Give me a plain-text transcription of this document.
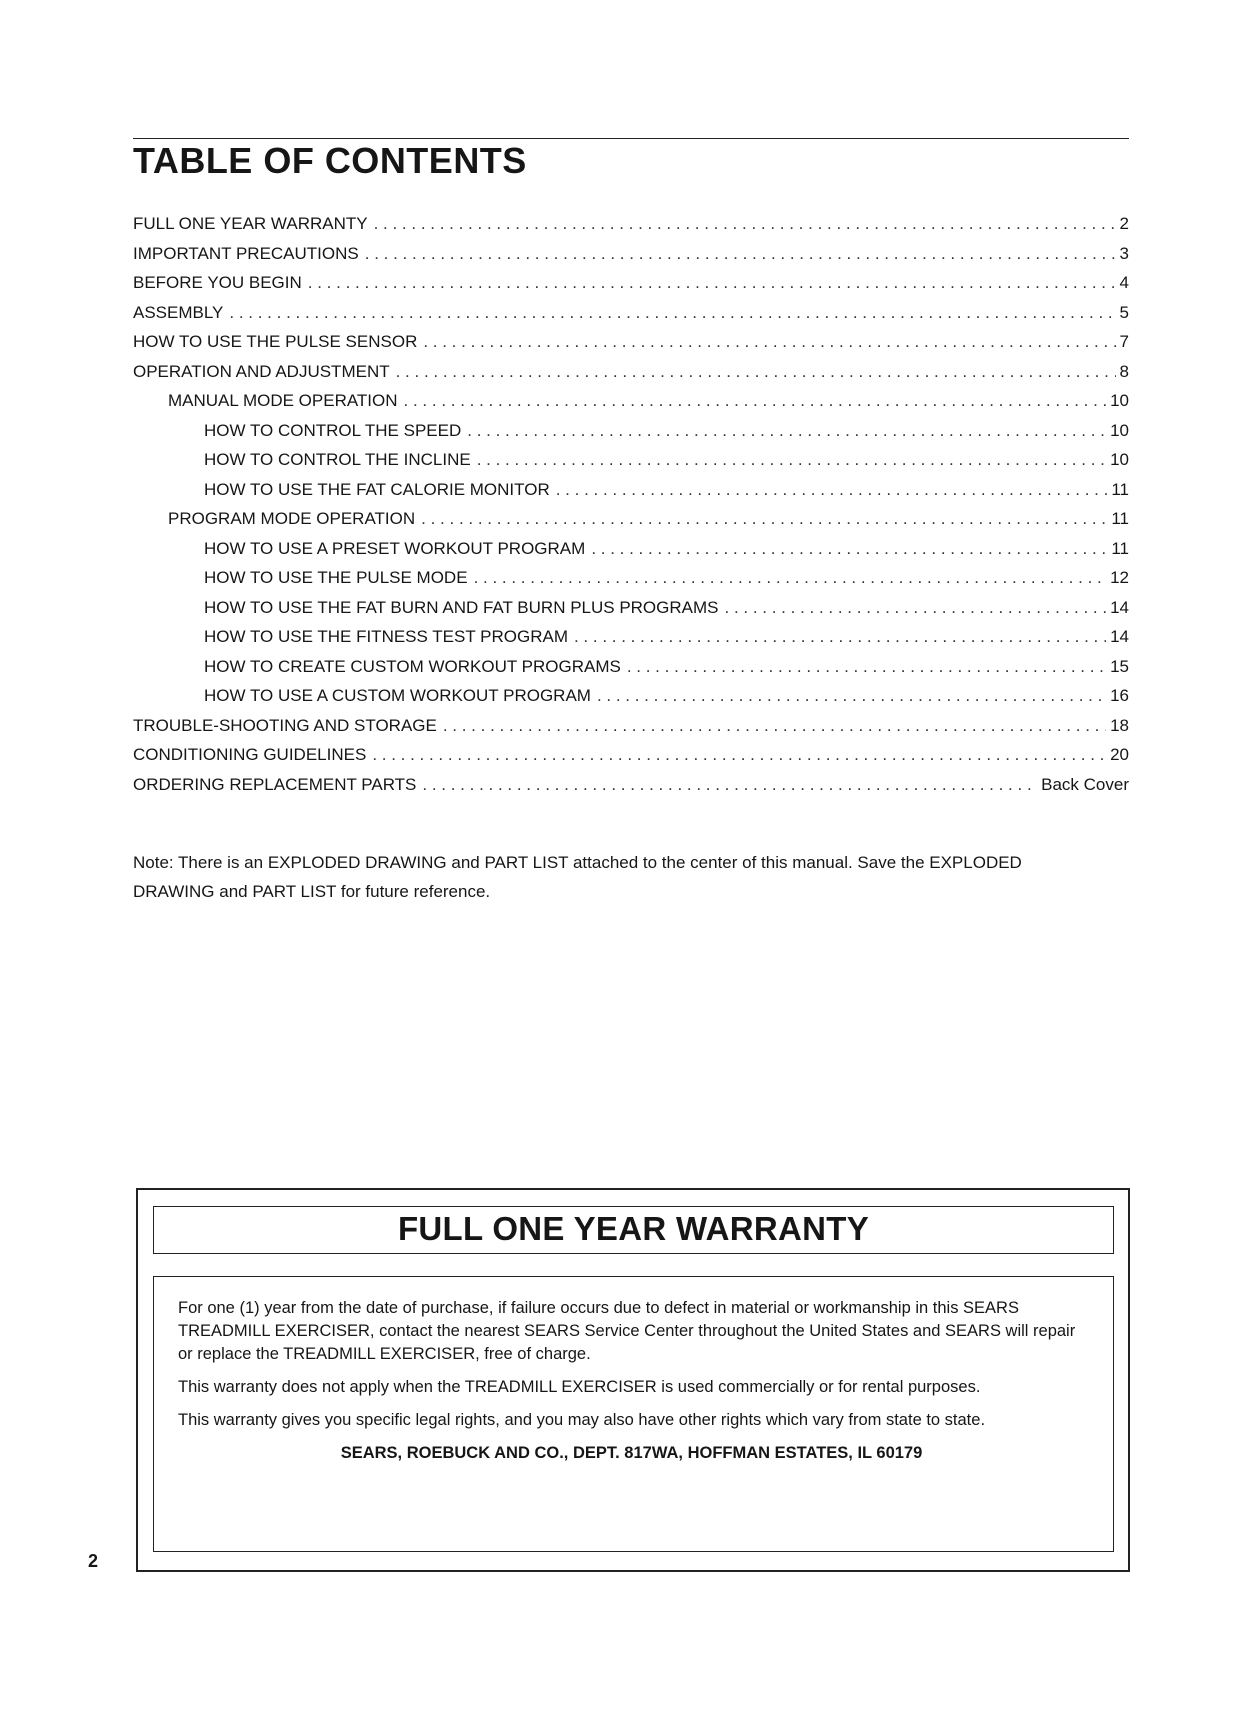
TABLE OF CONTENTS
FULL ONE YEAR WARRANTY . . .	2
IMPORTANT PRECAUTIONS . . .	3
BEFORE YOU BEGIN . . .	4
ASSEMBLY . . .	5
HOW TO USE THE PULSE SENSOR . . .	7
OPERATION AND ADJUSTMENT . . .	8
MANUAL MODE OPERATION . . .	10
HOW TO CONTROL THE SPEED . . .	10
HOW TO CONTROL THE INCLINE . . .	10
HOW TO USE THE FAT CALORIE MONITOR . . .	11
PROGRAM MODE OPERATION . . .	11
HOW TO USE A PRESET WORKOUT PROGRAM . . .	11
HOW TO USE THE PULSE MODE . . .	12
HOW TO USE THE FAT BURN AND FAT BURN PLUS PROGRAMS . . .	14
HOW TO USE THE FITNESS TEST PROGRAM . . .	14
HOW TO CREATE CUSTOM WORKOUT PROGRAMS . . .	15
HOW TO USE A CUSTOM WORKOUT PROGRAM . . .	16
TROUBLE-SHOOTING AND STORAGE . . .	18
CONDITIONING GUIDELINES . . .	20
ORDERING REPLACEMENT PARTS . . .	Back Cover

Note: There is an EXPLODED DRAWING and PART LIST attached to the center of this manual. Save the EXPLODED DRAWING and PART LIST for future reference.

FULL ONE YEAR WARRANTY

For one (1) year from the date of purchase, if failure occurs due to defect in material or workmanship in this SEARS TREADMILL EXERCISER, contact the nearest SEARS Service Center throughout the United States and SEARS will repair or replace the TREADMILL EXERCISER, free of charge.

This warranty does not apply when the TREADMILL EXERCISER is used commercially or for rental purposes.

This warranty gives you specific legal rights, and you may also have other rights which vary from state to state.

SEARS, ROEBUCK AND CO., DEPT. 817WA, HOFFMAN ESTATES, IL 60179

2
